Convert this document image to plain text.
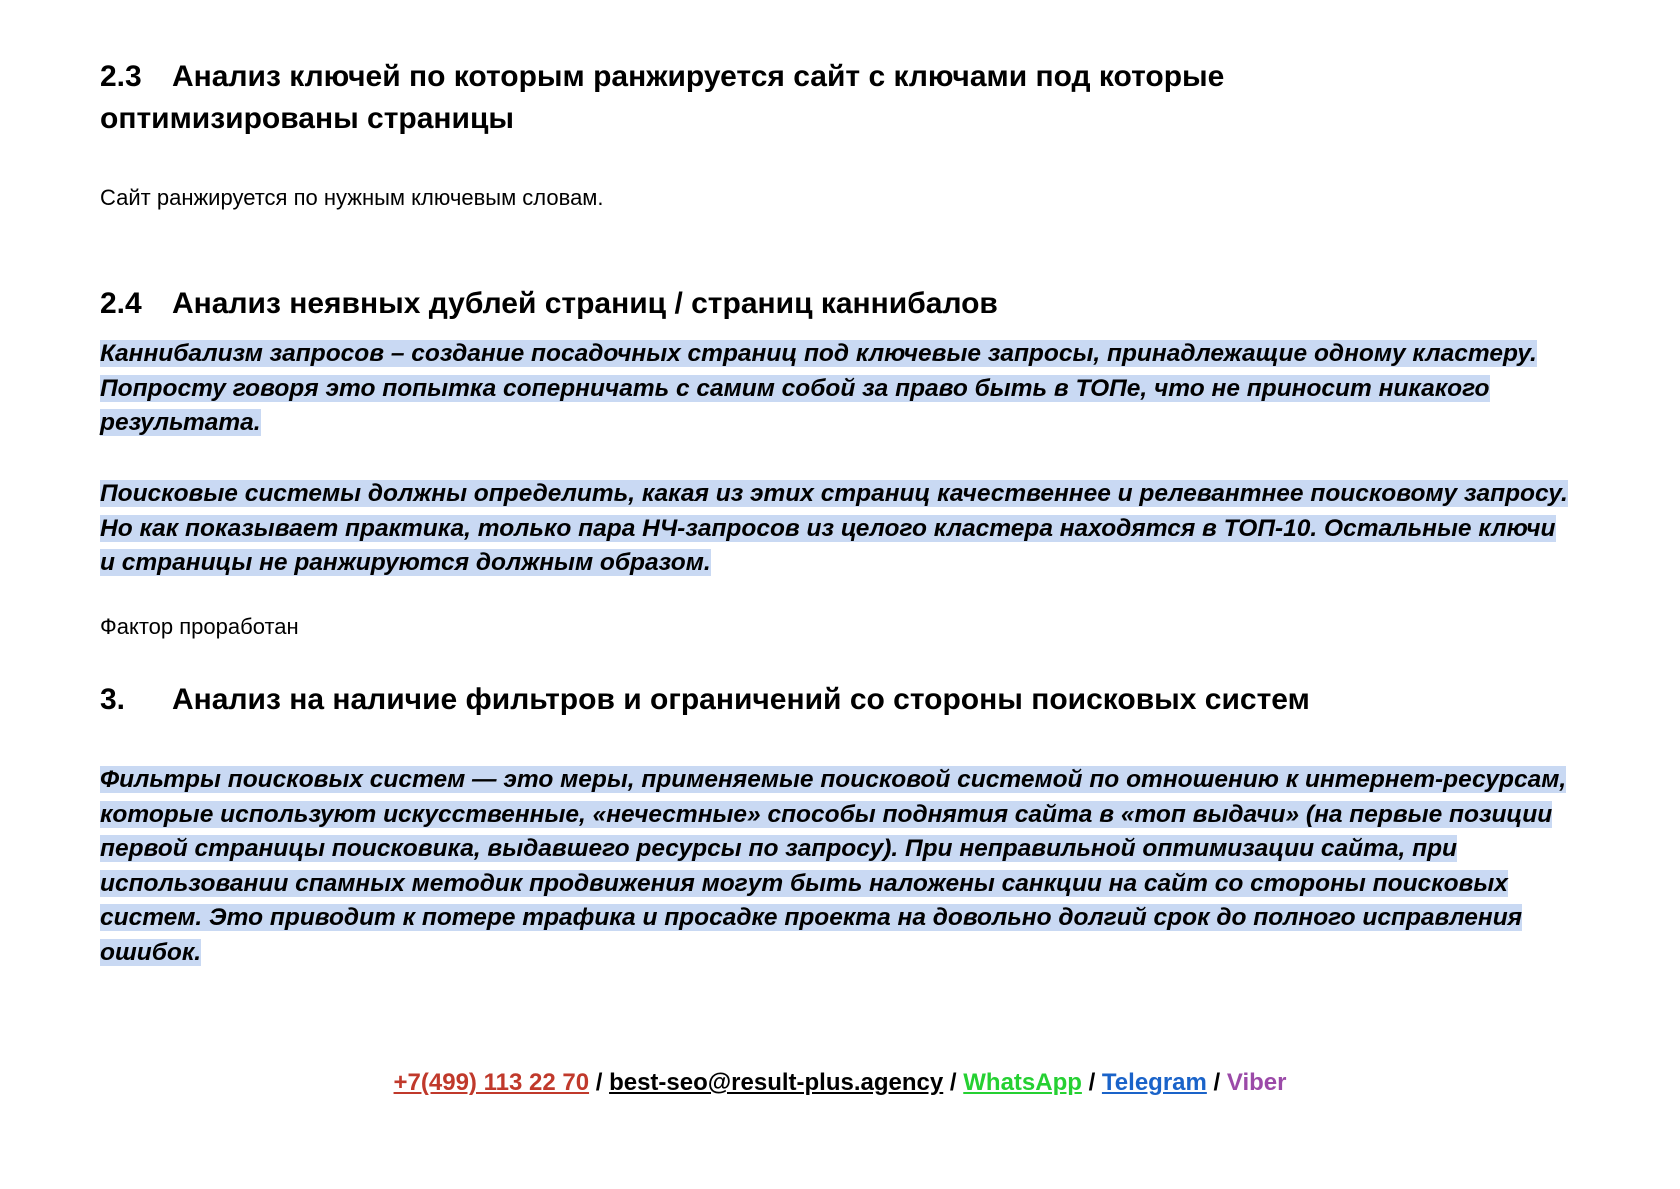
2.3 Анализ ключей по которым ранжируется сайт с ключами под которые
оптимизированы страницы

Сайт ранжируется по нужным ключевым словам.

2.4 Анализ неявных дублей страниц / страниц каннибалов

Каннибализм запросов – создание посадочных страниц под ключевые запросы, принадлежащие одному кластеру. Попросту говоря это попытка соперничать с самим собой за право быть в ТОПе, что не приносит никакого результата.

Поисковые системы должны определить, какая из этих страниц качественнее и релевантнее поисковому запросу. Но как показывает практика, только пара НЧ-запросов из целого кластера находятся в ТОП-10. Остальные ключи и страницы не ранжируются должным образом.

Фактор проработан

3. Анализ на наличие фильтров и ограничений со стороны поисковых систем

Фильтры поисковых систем — это меры, применяемые поисковой системой по отношению к интернет-ресурсам, которые используют искусственные, «нечестные» способы поднятия сайта в «топ выдачи» (на первые позиции первой страницы поисковика, выдавшего ресурсы по запросу). При неправильной оптимизации сайта, при использовании спамных методик продвижения могут быть наложены санкции на сайт со стороны поисковых систем. Это приводит к потере трафика и просадке проекта на довольно долгий срок до полного исправления ошибок.

+7(499) 113 22 70 / best-seo@result-plus.agency / WhatsApp / Telegram / Viber
